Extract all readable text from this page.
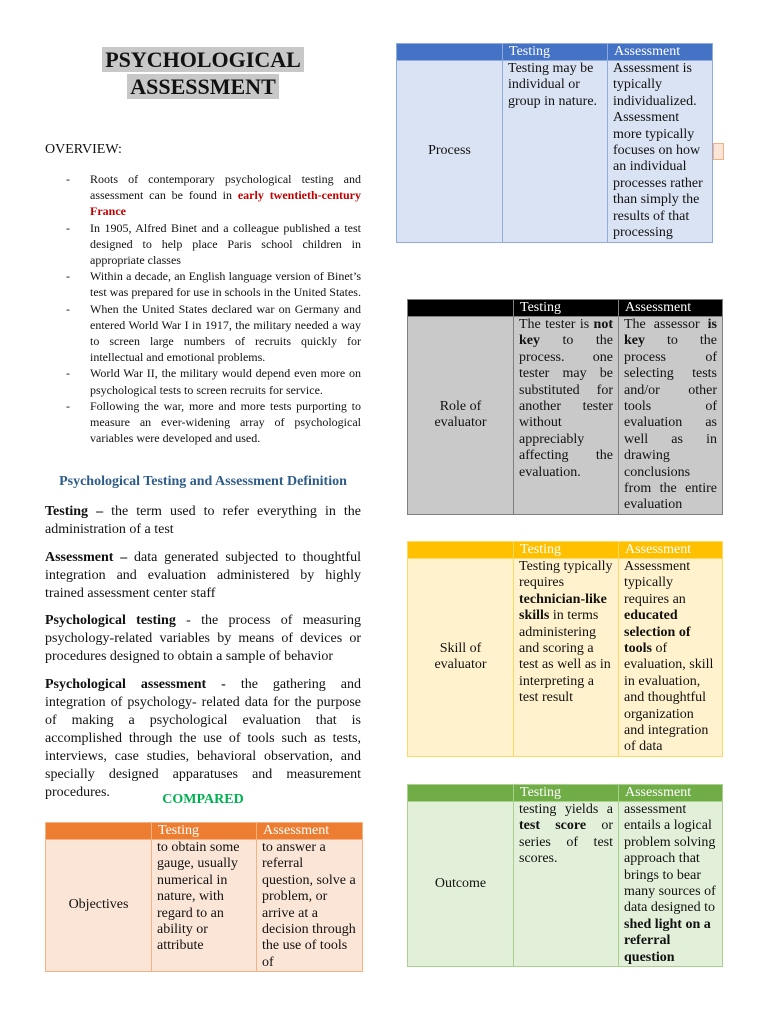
PSYCHOLOGICAL
ASSESSMENT
OVERVIEW:
- Roots of contemporary psychological testing and assessment can be found in early twentieth-century France
- In 1905, Alfred Binet and a colleague published a test designed to help place Paris school children in appropriate classes
- Within a decade, an English language version of Binet’s test was prepared for use in schools in the United States.
- When the United States declared war on Germany and entered World War I in 1917, the military needed a way to screen large numbers of recruits quickly for intellectual and emotional problems.
- World War II, the military would depend even more on psychological tests to screen recruits for service.
- Following the war, more and more tests purporting to measure an ever-widening array of psychological variables were developed and used.
Psychological Testing and Assessment Definition

Testing – the term used to refer everything in the administration of a test

Assessment – data generated subjected to thoughtful integration and evaluation administered by highly trained assessment center staff

Psychological testing - the process of measuring psychology-related variables by means of devices or procedures designed to obtain a sample of behavior

Psychological assessment - the gathering and integration of psychology- related data for the purpose of making a psychological evaluation that is accomplished through the use of tools such as tests, interviews, case studies, behavioral observation, and specially designed apparatuses and measurement procedures.	COMPARED
	Testing	Assessment
Objectives	to obtain some gauge, usually numerical in nature, with regard to an ability or attribute	to answer a referral question, solve a problem, or arrive at a decision through the use of tools of
	Testing	Assessment
Process	Testing may be individual or group in nature.	Assessment is typically individualized. Assessment more typically focuses on how an individual processes rather than simply the results of that processing
	Testing	Assessment
Role of evaluator	The tester is not key to the process. one tester may be substituted for another tester without appreciably affecting the evaluation.	The assessor is key to the process of selecting tests and/or other tools of evaluation as well as in drawing conclusions from the entire evaluation
	Testing	Assessment
Skill of evaluator	Testing typically requires technician-like skills in terms administering and scoring a test as well as in interpreting a test result	Assessment typically requires an educated selection of tools of evaluation, skill in evaluation, and thoughtful organization and integration of data
	Testing	Assessment
Outcome	testing yields a test score or series of test scores.	assessment entails a logical problem solving approach that brings to bear many sources of data designed to shed light on a referral question
